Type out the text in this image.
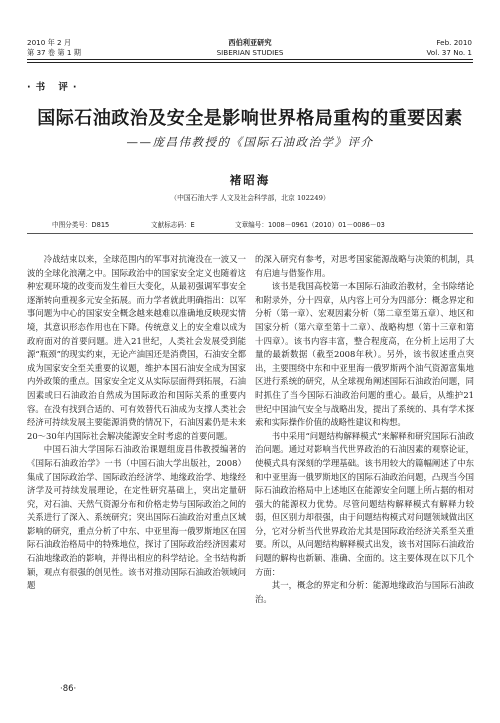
2010 年 2 月
第 37 卷 第 1 期
西伯利亚研究
SIBERIAN STUDIES
Feb. 2010
Vol. 37 No. 1
·书 评·
国际石油政治及安全是影响世界格局重构的重要因素
——庞昌伟教授的《国际石油政治学》评介
褚昭海
（中国石油大学 人文及社会科学部，北京 102249）
中图分类号：D815	文献标志码：E	文章编号：1008－0961（2010）01－0086－03

冷战结束以来，全球范围内的军事对抗淹没在一波又一波的全球化浪潮之中。国际政治中的国家安全定义也随着这种宏观环境的改变而发生着巨大变化，从最初强调军事安全逐渐转向重视多元安全拓展。而力学者就此明确指出：以军事问题为中心的国家安全概念越来越难以准确地反映现实情境，其意识形态作用也在下降。传统意义上的安全难以成为政府面对的首要问题。进入21世纪，人类社会发展受到能源“瓶颈”的现实约束，无论产油国还是消费国，石油安全都成为国家安全至关重要的议题，维护本国石油安全成为国家内外政策的重点。国家安全定义从实际层面得到拓展，石油因素或曰石油政治自然成为国际政治和国际关系的重要内容。在没有找到合适的、可有效替代石油成为支撑人类社会经济可持续发展主要能源消费的情况下，石油因素仍是未来20～30年内国际社会解决能源安全时考虑的首要问题。

中国石油大学国际石油政治课题组庞昌伟教授编著的《国际石油政治学》一书（中国石油大学出版社，2008）集成了国际政治学、国际政治经济学、地缘政治学、地缘经济学及可持续发展理论，在定性研究基础上，突出定量研究，对石油、天然气资源分布和价格走势与国际政治之间的关系进行了深入、系统研究；突出国际石油政治对重点区域影响的研究，重点分析了中东、中亚里海一俄罗斯地区在国际石油政治格局中的特殊地位，探讨了国际政治经济因素对石油地缘政治的影响，并得出相应的科学结论。全书结构新颖，观点有很强的创见性。该书对推动国际石油政治领域问题

的深入研究有参考，对思考国家能源战略与决策的机制，具有启迪与借鉴作用。

该书是我国高校第一本国际石油政治教材，全书除绪论和附录外，分十四章，从内容上可分为四部分：概念界定和分析（第一章）、宏观因素分析（第二章至第五章）、地区和国家分析（第六章至第十二章）、战略构想（第十三章和第十四章）。该书内容丰富，整合程度高，在分析上运用了大量的最新数据（截至2008年秋）。另外，该书叙述重点突出，主要围绕中东和中亚里海一俄罗斯两个油气资源富集地区进行系统的研究，从全球视角阐述国际石油政治问题，同时抓住了当今国际石油政治问题的重心。最后，从维护21世纪中国油气安全与战略出发，提出了系统的、具有学术探索和实际操作价值的战略性建议和构想。

书中采用“问题结构解释模式”来解释和研究国际石油政治问题。通过对影响当代世界政治的石油因素的观察论证，使模式具有深刻的学理基础。该书用较大的篇幅阐述了中东和中亚里海一俄罗斯地区的国际石油政治问题，凸现当今国际石油政治格局中上述地区在能源安全问题上所占据的相对强大的能源权力优势。尽管问题结构解释模式有解释力较弱，但区别力却很强，由于问题结构模式对问题领域做出区分，它对分析当代世界政治尤其是国际政治经济关系至关重要。所以，从问题结构解释模式出发，该书对国际石油政治问题的解构也新颖、准确、全面的。这主要体现在以下几个方面：

其一，概念的界定和分析：能源地缘政治与国际石油政治。

·86·
